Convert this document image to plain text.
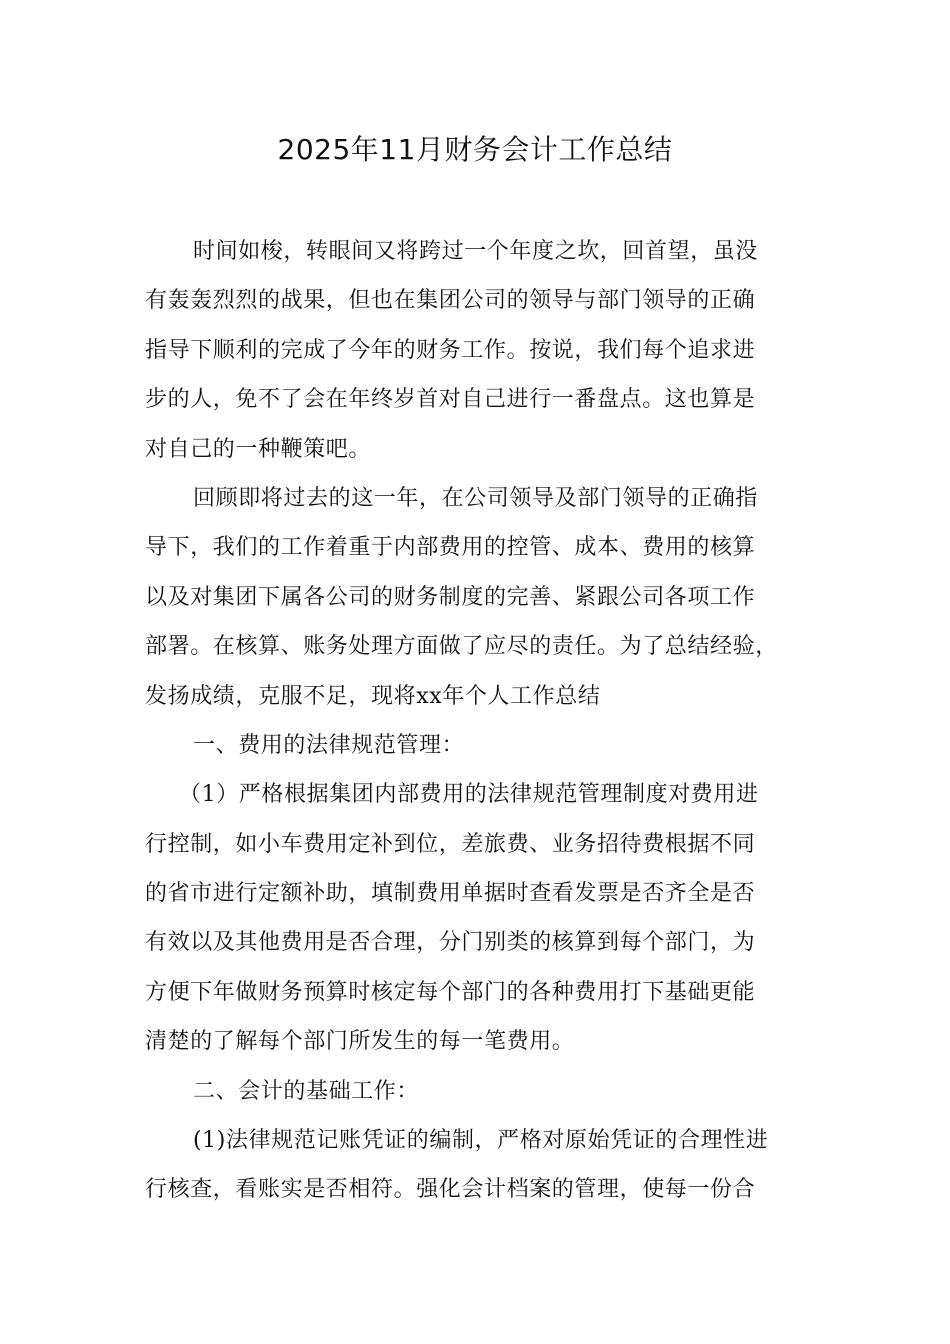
2025年11月财务会计工作总结
时间如梭，转眼间又将跨过一个年度之坎，回首望，虽没
有轰轰烈烈的战果，但也在集团公司的领导与部门领导的正确
指导下顺利的完成了今年的财务工作。按说，我们每个追求进
步的人，免不了会在年终岁首对自己进行一番盘点。这也算是
对自己的一种鞭策吧。
回顾即将过去的这一年，在公司领导及部门领导的正确指
导下，我们的工作着重于内部费用的控管、成本、费用的核算
以及对集团下属各公司的财务制度的完善、紧跟公司各项工作
部署。在核算、账务处理方面做了应尽的责任。为了总结经验，
发扬成绩，克服不足，现将xx年个人工作总结
一、费用的法律规范管理：
（1）严格根据集团内部费用的法律规范管理制度对费用进
行控制，如小车费用定补到位，差旅费、业务招待费根据不同
的省市进行定额补助，填制费用单据时查看发票是否齐全是否
有效以及其他费用是否合理，分门别类的核算到每个部门，为
方便下年做财务预算时核定每个部门的各种费用打下基础更能
清楚的了解每个部门所发生的每一笔费用。
二、会计的基础工作：
(1)法律规范记账凭证的编制，严格对原始凭证的合理性进
行核查，看账实是否相符。强化会计档案的管理，使每一份合
